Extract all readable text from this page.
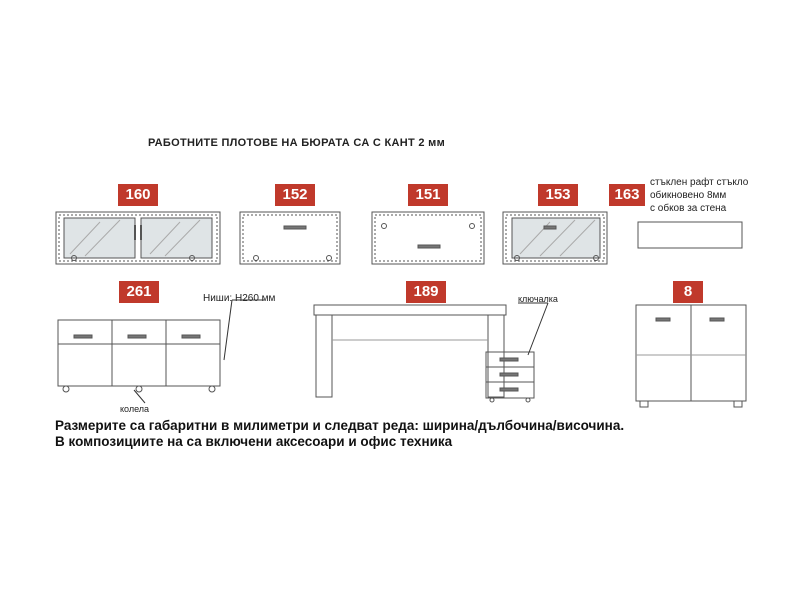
РАБОТНИТЕ ПЛОТОВЕ НА БЮРАТА СА С КАНТ 2 мм
160	152	151	153	163
261	189	8
стъклен рафт стъкло
обикновено 8мм
с обков за стена
Ниши: Н260 мм
колела
ключалка
Размерите са габаритни в милиметри и следват реда: ширина/дълбочина/височина.
В композициите на са включени аксесоари и офис техника
